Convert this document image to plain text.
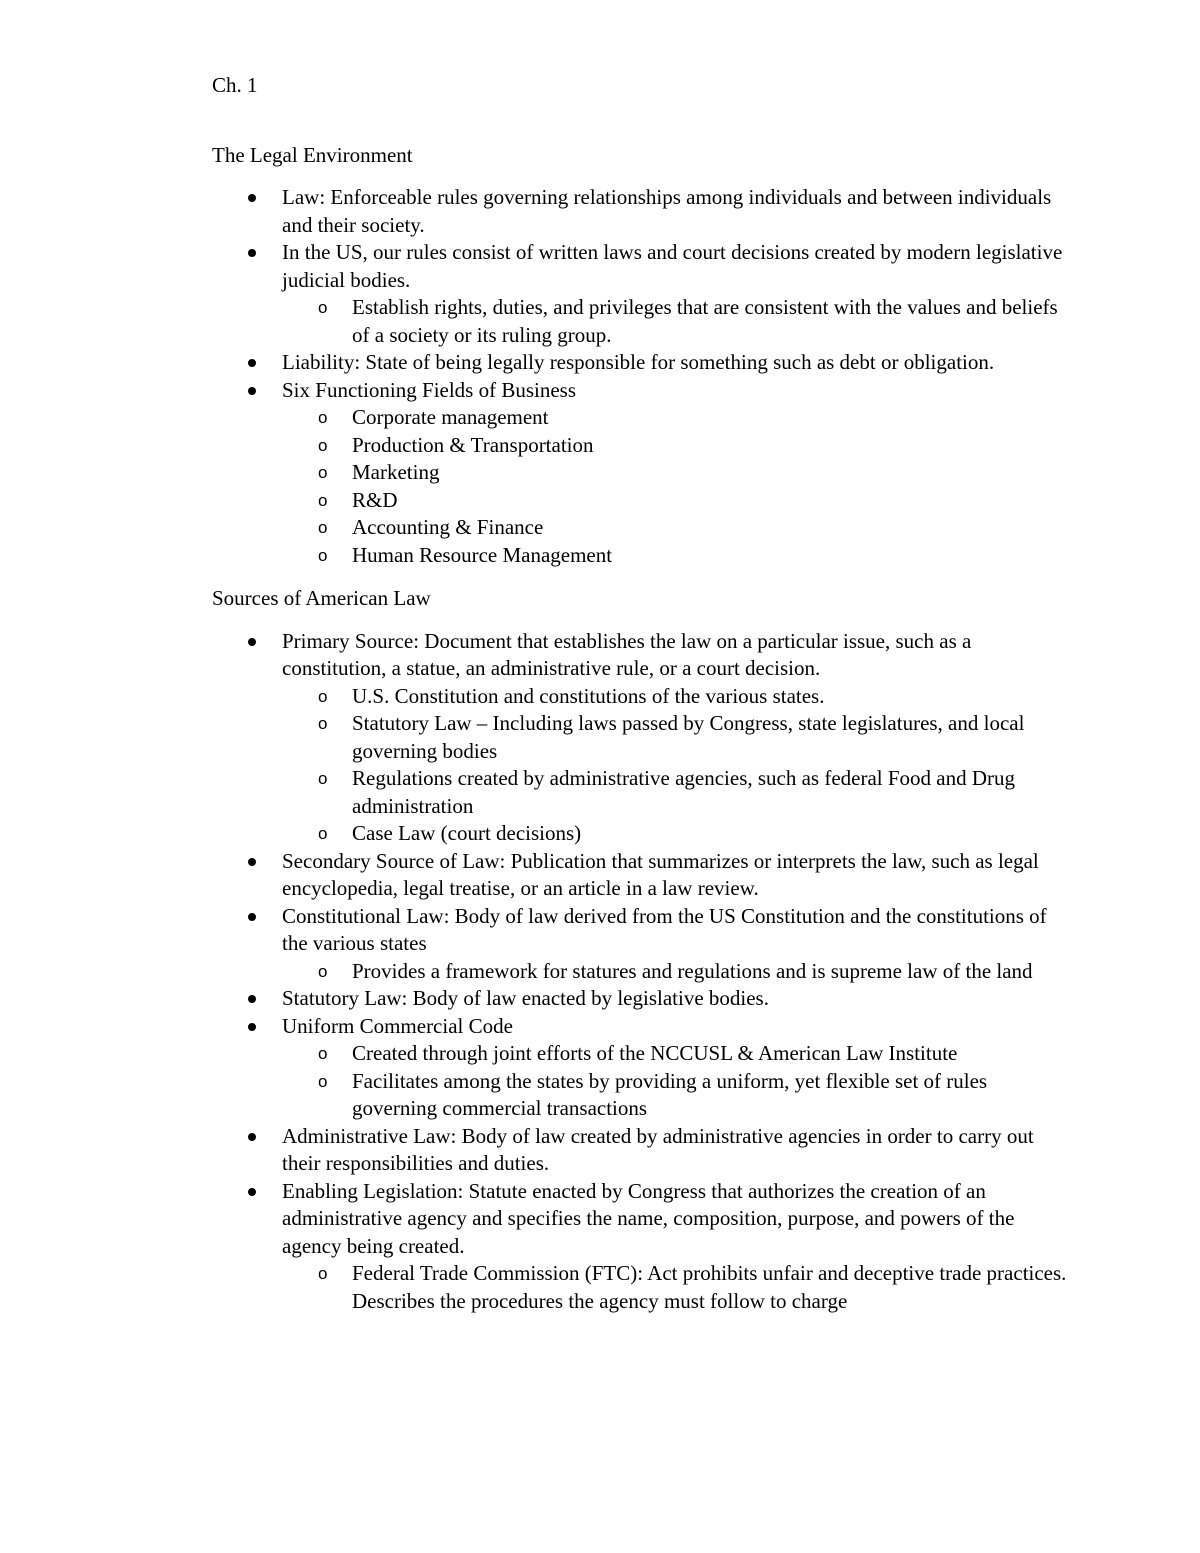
Ch. 1

The Legal Environment

Law: Enforceable rules governing relationships among individuals and between individuals and their society.
In the US, our rules consist of written laws and court decisions created by modern legislative judicial bodies.
o Establish rights, duties, and privileges that are consistent with the values and beliefs of a society or its ruling group.
Liability: State of being legally responsible for something such as debt or obligation.
Six Functioning Fields of Business
o Corporate management
o Production & Transportation
o Marketing
o R&D
o Accounting & Finance
o Human Resource Management

Sources of American Law

Primary Source: Document that establishes the law on a particular issue, such as a constitution, a statue, an administrative rule, or a court decision.
o U.S. Constitution and constitutions of the various states.
o Statutory Law – Including laws passed by Congress, state legislatures, and local governing bodies
o Regulations created by administrative agencies, such as federal Food and Drug administration
o Case Law (court decisions)
Secondary Source of Law: Publication that summarizes or interprets the law, such as legal encyclopedia, legal treatise, or an article in a law review.
Constitutional Law: Body of law derived from the US Constitution and the constitutions of the various states
o Provides a framework for statures and regulations and is supreme law of the land
Statutory Law: Body of law enacted by legislative bodies.
Uniform Commercial Code
o Created through joint efforts of the NCCUSL & American Law Institute
o Facilitates among the states by providing a uniform, yet flexible set of rules governing commercial transactions
Administrative Law: Body of law created by administrative agencies in order to carry out their responsibilities and duties.
Enabling Legislation: Statute enacted by Congress that authorizes the creation of an administrative agency and specifies the name, composition, purpose, and powers of the agency being created.
o Federal Trade Commission (FTC): Act prohibits unfair and deceptive trade practices. Describes the procedures the agency must follow to charge
